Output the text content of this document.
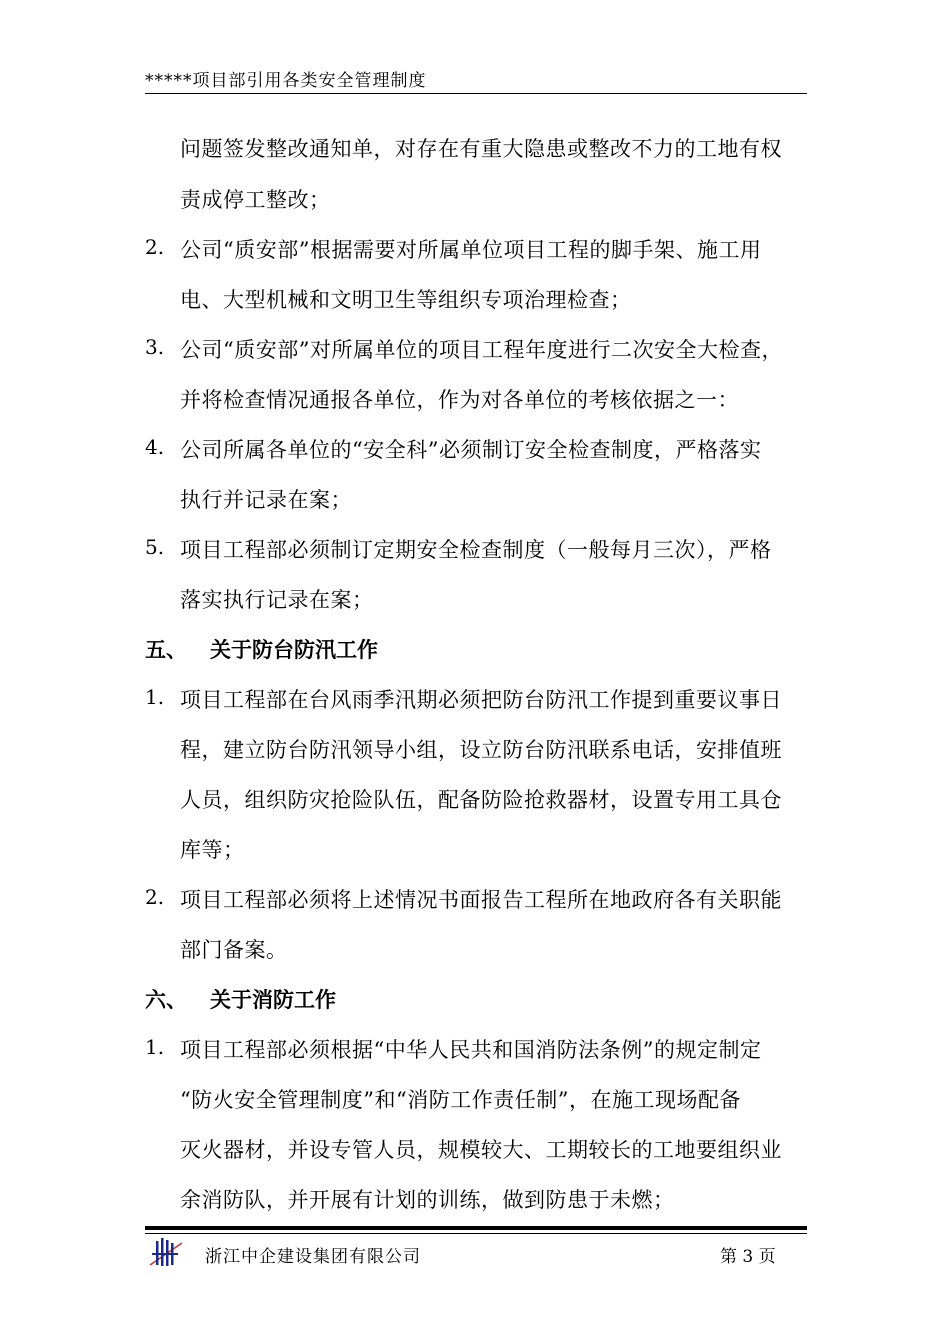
*****项目部引用各类安全管理制度
问题签发整改通知单，对存在有重大隐患或整改不力的工地有权
责成停工整改；
2. 公司“质安部”根据需要对所属单位项目工程的脚手架、施工用
电、大型机械和文明卫生等组织专项治理检查；
3. 公司“质安部”对所属单位的项目工程年度进行二次安全大检查，
并将检查情况通报各单位，作为对各单位的考核依据之一：
4. 公司所属各单位的“安全科”必须制订安全检查制度，严格落实
执行并记录在案；
5. 项目工程部必须制订定期安全检查制度（一般每月三次），严格
落实执行记录在案；
五、 关于防台防汛工作
1. 项目工程部在台风雨季汛期必须把防台防汛工作提到重要议事日
程，建立防台防汛领导小组，设立防台防汛联系电话，安排值班
人员，组织防灾抢险队伍，配备防险抢救器材，设置专用工具仓
库等；
2. 项目工程部必须将上述情况书面报告工程所在地政府各有关职能
部门备案。
六、 关于消防工作
1. 项目工程部必须根据“中华人民共和国消防法条例”的规定制定
“防火安全管理制度”和“消防工作责任制”，在施工现场配备
灭火器材，并设专管人员，规模较大、工期较长的工地要组织业
余消防队，并开展有计划的训练，做到防患于未燃；
浙江中企建设集团有限公司	第 3 页
